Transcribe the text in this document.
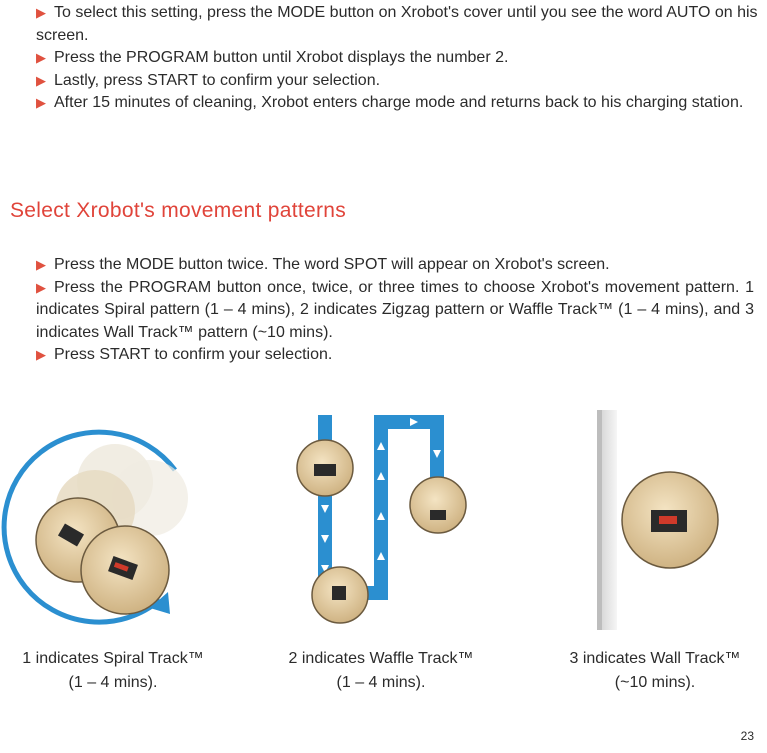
▶ To select this setting, press the MODE button on Xrobot's cover until you see the word AUTO on his screen.

▶ Press the PROGRAM button until Xrobot displays the number 2.

▶ Lastly, press START to confirm your selection.

▶ After 15 minutes of cleaning, Xrobot enters charge mode and returns back to his charging station.

Select Xrobot's movement patterns

▶ Press the MODE button twice. The word SPOT will appear on Xrobot's screen.

▶ Press the PROGRAM button once, twice, or three times to choose Xrobot's movement pattern. 1 indicates Spiral pattern (1 – 4 mins), 2 indicates Zigzag pattern or Waffle Track™ (1 – 4 mins), and 3 indicates Wall Track™ pattern (~10 mins).

▶ Press START to confirm your selection.

1 indicates Spiral Track™
(1 – 4 mins).
2 indicates Waffle Track™
(1 – 4 mins).
3 indicates Wall Track™
(~10 mins).
23
